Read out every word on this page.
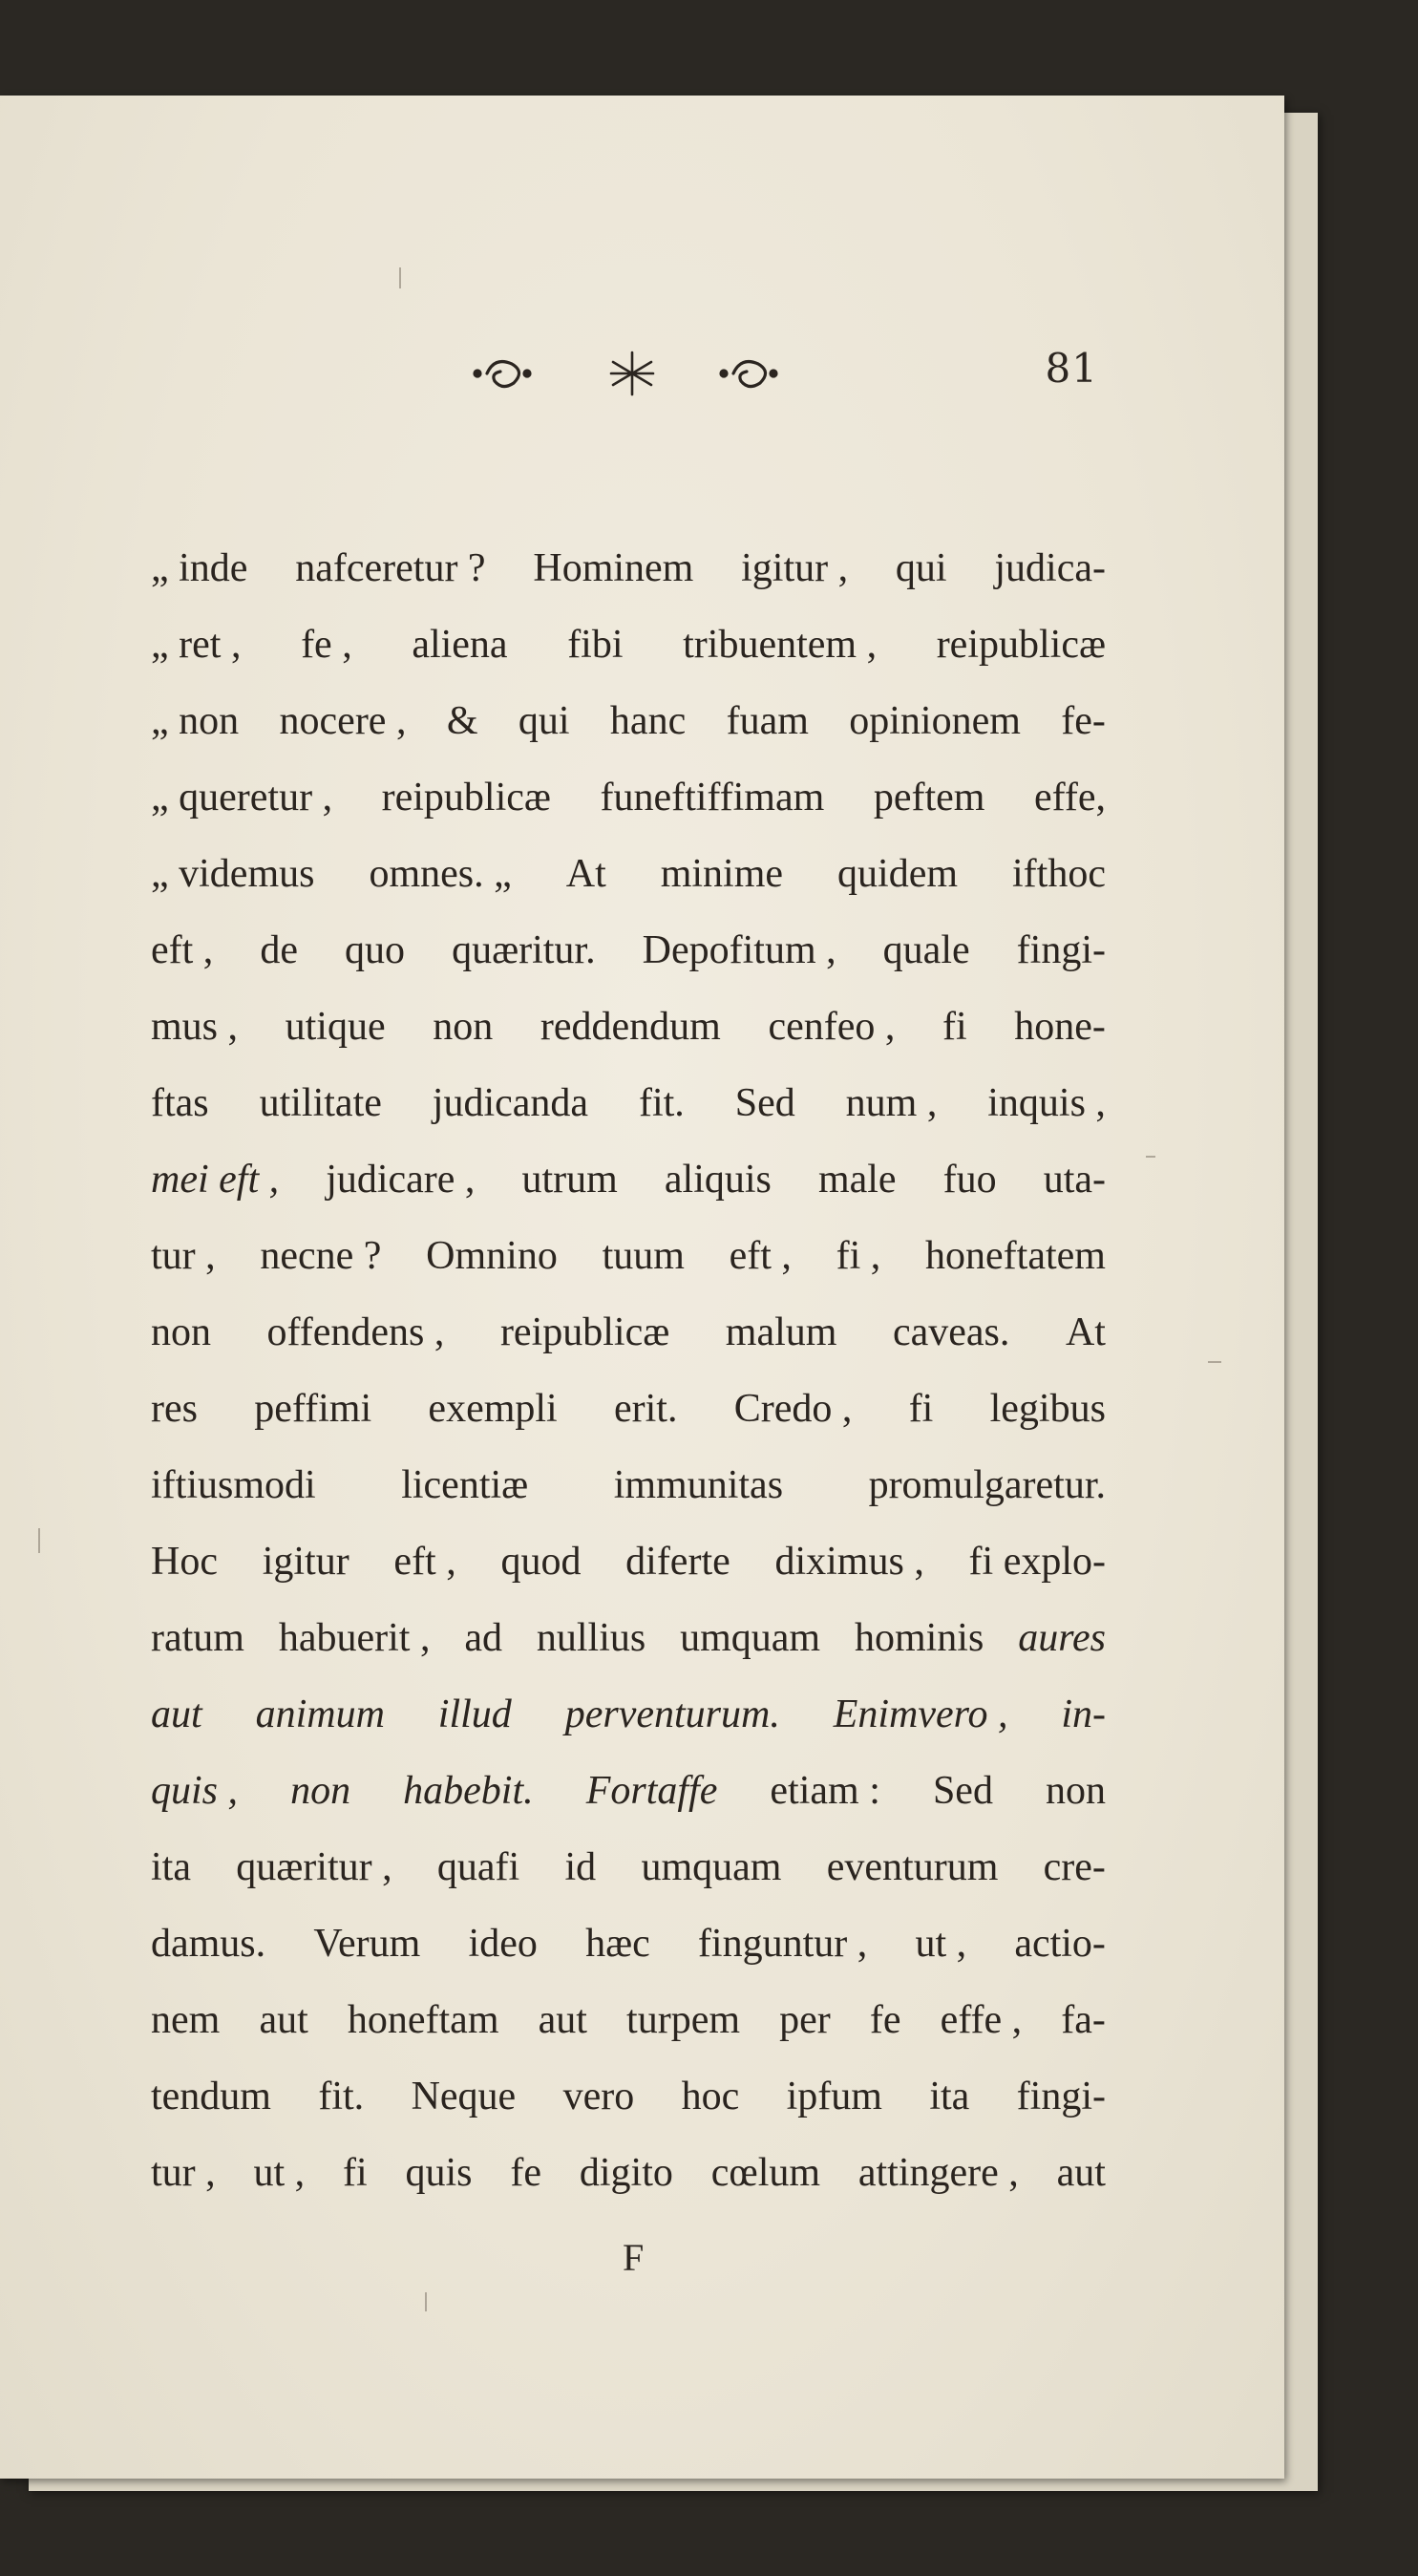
81
„ inde nafceretur ? Hominem igitur , qui judica-
„ ret , fe , aliena fibi tribuentem , reipublicæ
„ non nocere , & qui hanc fuam opinionem fe-
„ queretur , reipublicæ funeftiffimam peftem effe,
„ videmus omnes. „ At minime quidem ifthoc
eft , de quo quæritur. Depofitum , quale fingi-
mus , utique non reddendum cenfeo , fi hone-
ftas utilitate judicanda fit. Sed num , inquis ,
mei eft , judicare , utrum aliquis male fuo uta-
tur , necne ? Omnino tuum eft , fi , honeftatem
non offendens , reipublicæ malum caveas. At
res peffimi exempli erit. Credo , fi legibus
iftiusmodi licentiæ immunitas promulgaretur.
Hoc igitur eft , quod diferte diximus , fi explo-
ratum habuerit , ad nullius umquam hominis aures
aut animum illud perventurum. Enimvero , in-
quis , non habebit. Fortaffe etiam : Sed non
ita quæritur , quafi id umquam eventurum cre-
damus. Verum ideo hæc finguntur , ut , actio-
nem aut honeftam aut turpem per fe effe , fa-
tendum fit. Neque vero hoc ipfum ita fingi-
tur , ut , fi quis fe digito cœlum attingere , aut
F
